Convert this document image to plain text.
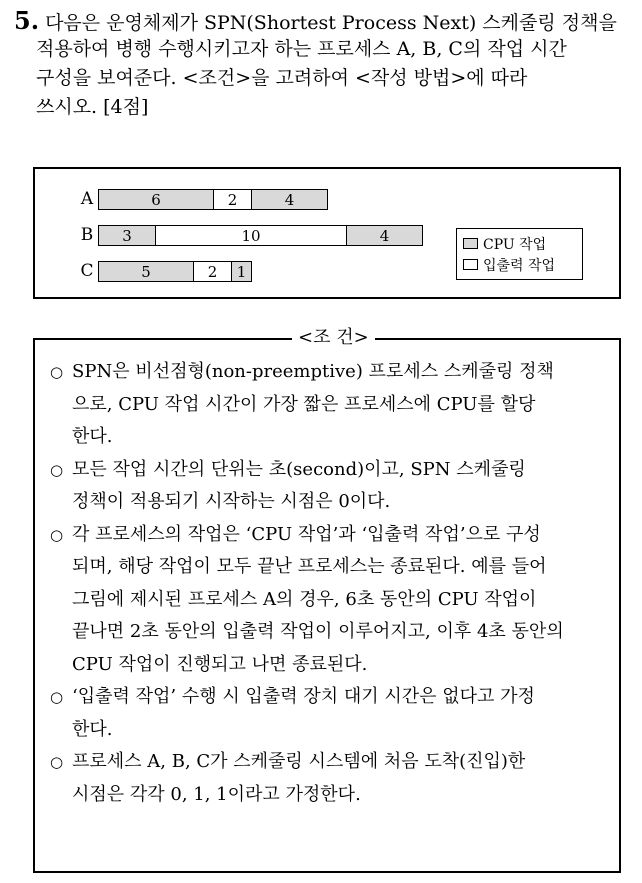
5. 다음은 운영체제가 SPN(Shortest Process Next) 스케줄링 정책을
적용하여 병행 수행시키고자 하는 프로세스 A, B, C의 작업 시간
구성을 보여준다. <조건>을 고려하여 <작성 방법>에 따라
쓰시오. [4점]
A	6	2	4
B	3	10	4
C	5	2	1
CPU 작업
입출력 작업
<조 건>
○ SPN은 비선점형(non-preemptive) 프로세스 스케줄링 정책
으로, CPU 작업 시간이 가장 짧은 프로세스에 CPU를 할당
한다.
○ 모든 작업 시간의 단위는 초(second)이고, SPN 스케줄링
정책이 적용되기 시작하는 시점은 0이다.
○ 각 프로세스의 작업은 ‘CPU 작업’과 ‘입출력 작업’으로 구성
되며, 해당 작업이 모두 끝난 프로세스는 종료된다. 예를 들어
그림에 제시된 프로세스 A의 경우, 6초 동안의 CPU 작업이
끝나면 2초 동안의 입출력 작업이 이루어지고, 이후 4초 동안의
CPU 작업이 진행되고 나면 종료된다.
○ ‘입출력 작업’ 수행 시 입출력 장치 대기 시간은 없다고 가정
한다.
○ 프로세스 A, B, C가 스케줄링 시스템에 처음 도착(진입)한
시점은 각각 0, 1, 1이라고 가정한다.
